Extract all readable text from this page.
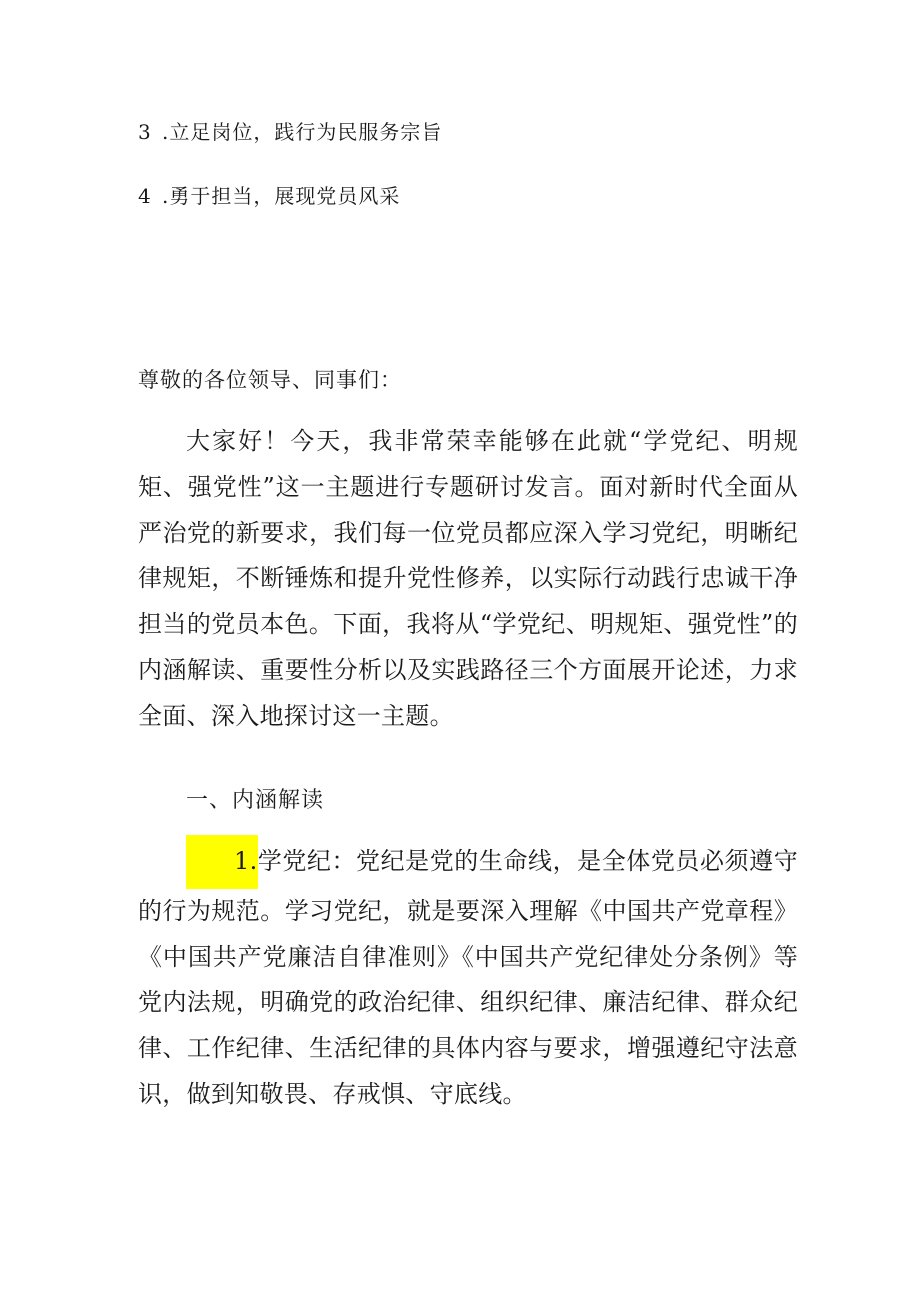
3 .立足岗位，践行为民服务宗旨
4 .勇于担当，展现党员风采
尊敬的各位领导、同事们：

大家好！今天，我非常荣幸能够在此就“学党纪、明规矩、强党性”这一主题进行专题研讨发言。面对新时代全面从严治党的新要求，我们每一位党员都应深入学习党纪，明晰纪律规矩，不断锤炼和提升党性修养，以实际行动践行忠诚干净担当的党员本色。下面，我将从“学党纪、明规矩、强党性”的内涵解读、重要性分析以及实践路径三个方面展开论述，力求全面、深入地探讨这一主题。

一、内涵解读

1.学党纪：党纪是党的生命线，是全体党员必须遵守的行为规范。学习党纪，就是要深入理解《中国共产党章程》《中国共产党廉洁自律准则》《中国共产党纪律处分条例》等党内法规，明确党的政治纪律、组织纪律、廉洁纪律、群众纪律、工作纪律、生活纪律的具体内容与要求，增强遵纪守法意识，做到知敬畏、存戒惧、守底线。
